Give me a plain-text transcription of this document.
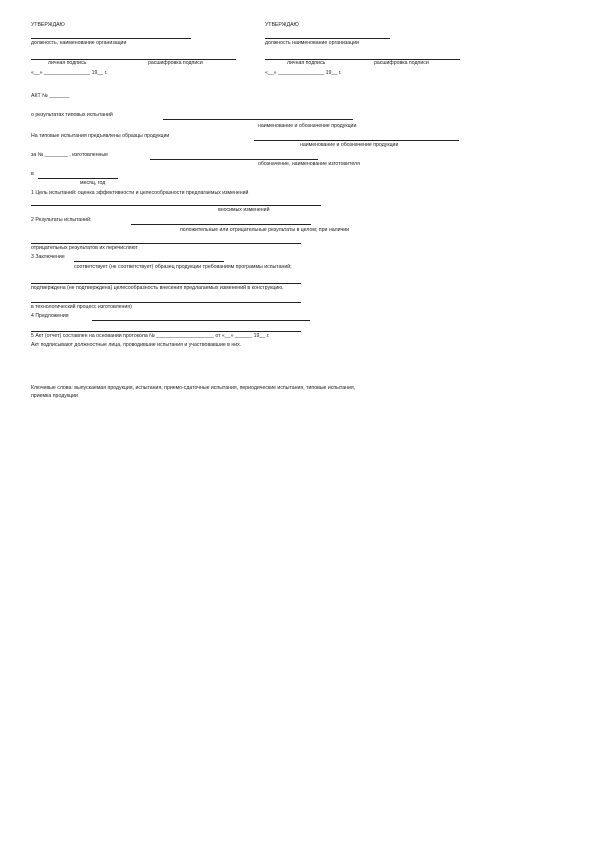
УТВЕРЖДАЮ
должность, наименование организации
личная подпись	расшифровка подписи
«__» ________________ 19__ г.
УТВЕРЖДАЮ
должность наименование организации
личная подпись	расшифровка подписи
«__» ________________ 19__ г.
АКТ № _______
о результатах типовых испытаний
наименование и обозначение продукции
На типовые испытания предъявлены образцы продукции
наименование и обозначение продукции
за № ________ , изготовленные
обозначение, наименование изготовителя
в
месяц, год
1 Цель испытаний: оценка эффективности и целесообразности предлагаемых изменений
вносимых изменений
2 Результаты испытаний:
положительные или отрицательные результаты в целом; при наличии
отрицательных результатов их перечисляют
3 Заключение
соответствует (не соответствует) образец продукции требованиям программы испытаний;
подтверждена (не подтверждена) целесообразность внесения предлагаемых изменений в конструкцию,
в технологический процесс изготовления)
4 Предложения
5 Акт (отчет) составлен на основании протокола № ____________________ от «__» ______ 19__ г.
Акт подписывают должностные лица, проводившие испытания и участвовавшие в них.
Ключевые слова: выпускаемая продукция, испытания, приемо-сдаточные испытания, периодические испытания, типовые испытания,
приемка продукции
